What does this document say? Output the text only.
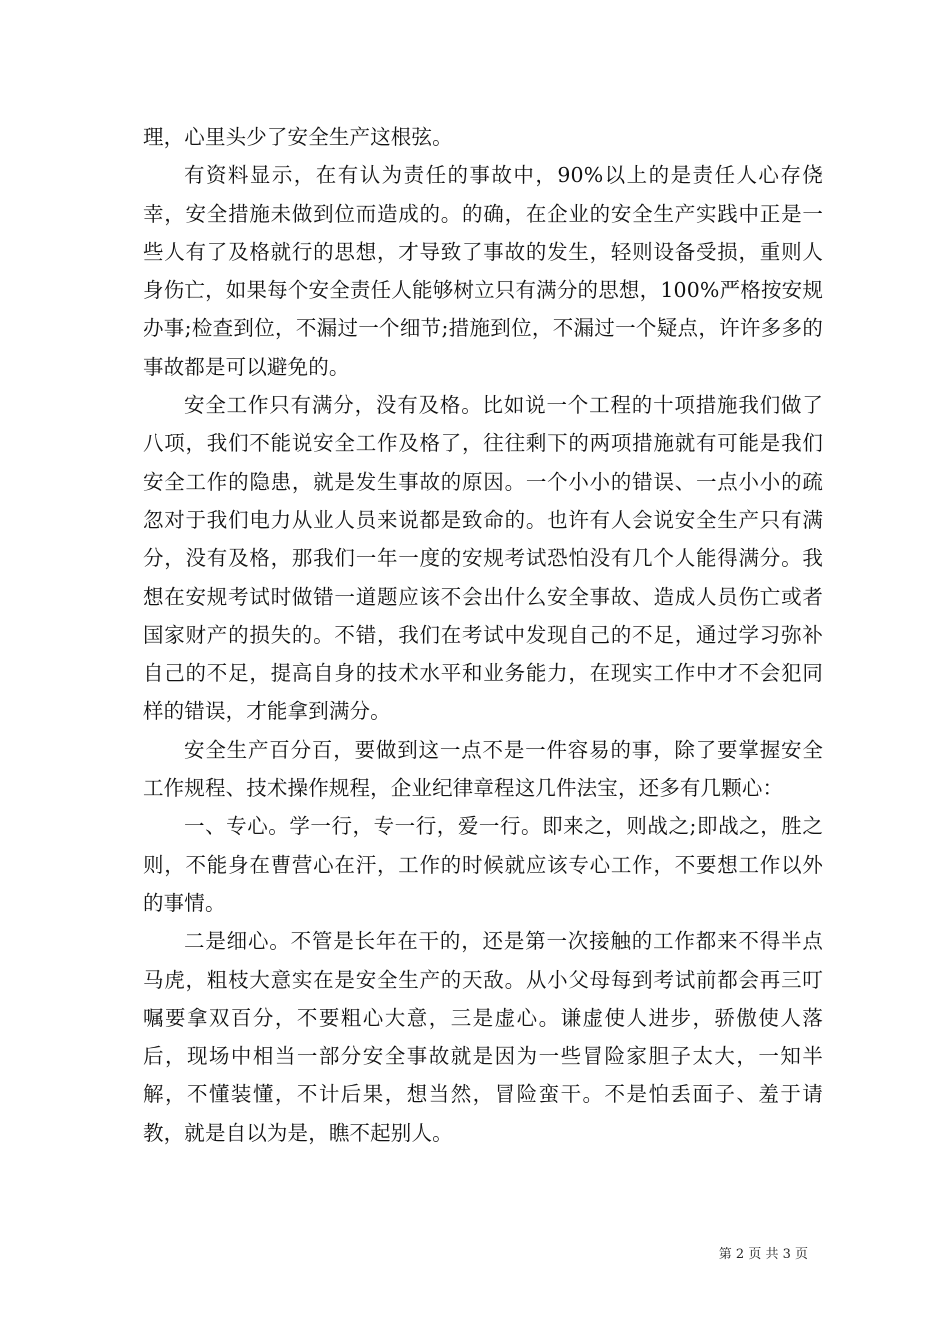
理，心里头少了安全生产这根弦。

有资料显示，在有认为责任的事故中，90%以上的是责任人心存侥幸，安全措施未做到位而造成的。的确，在企业的安全生产实践中正是一些人有了及格就行的思想，才导致了事故的发生，轻则设备受损，重则人身伤亡，如果每个安全责任人能够树立只有满分的思想，100%严格按安规办事;检查到位，不漏过一个细节;措施到位，不漏过一个疑点，许许多多的事故都是可以避免的。

安全工作只有满分，没有及格。比如说一个工程的十项措施我们做了八项，我们不能说安全工作及格了，往往剩下的两项措施就有可能是我们安全工作的隐患，就是发生事故的原因。一个小小的错误、一点小小的疏忽对于我们电力从业人员来说都是致命的。也许有人会说安全生产只有满分，没有及格，那我们一年一度的安规考试恐怕没有几个人能得满分。我想在安规考试时做错一道题应该不会出什么安全事故、造成人员伤亡或者国家财产的损失的。不错，我们在考试中发现自己的不足，通过学习弥补自己的不足，提高自身的技术水平和业务能力，在现实工作中才不会犯同样的错误，才能拿到满分。

安全生产百分百，要做到这一点不是一件容易的事，除了要掌握安全工作规程、技术操作规程，企业纪律章程这几件法宝，还多有几颗心：

一、专心。学一行，专一行，爱一行。即来之，则战之;即战之，胜之则，不能身在曹营心在汗，工作的时候就应该专心工作，不要想工作以外的事情。

二是细心。不管是长年在干的，还是第一次接触的工作都来不得半点马虎，粗枝大意实在是安全生产的天敌。从小父母每到考试前都会再三叮嘱要拿双百分，不要粗心大意，三是虚心。谦虚使人进步，骄傲使人落后，现场中相当一部分安全事故就是因为一些冒险家胆子太大，一知半解，不懂装懂，不计后果，想当然，冒险蛮干。不是怕丢面子、羞于请教，就是自以为是，瞧不起别人。

第 2 页 共 3 页
